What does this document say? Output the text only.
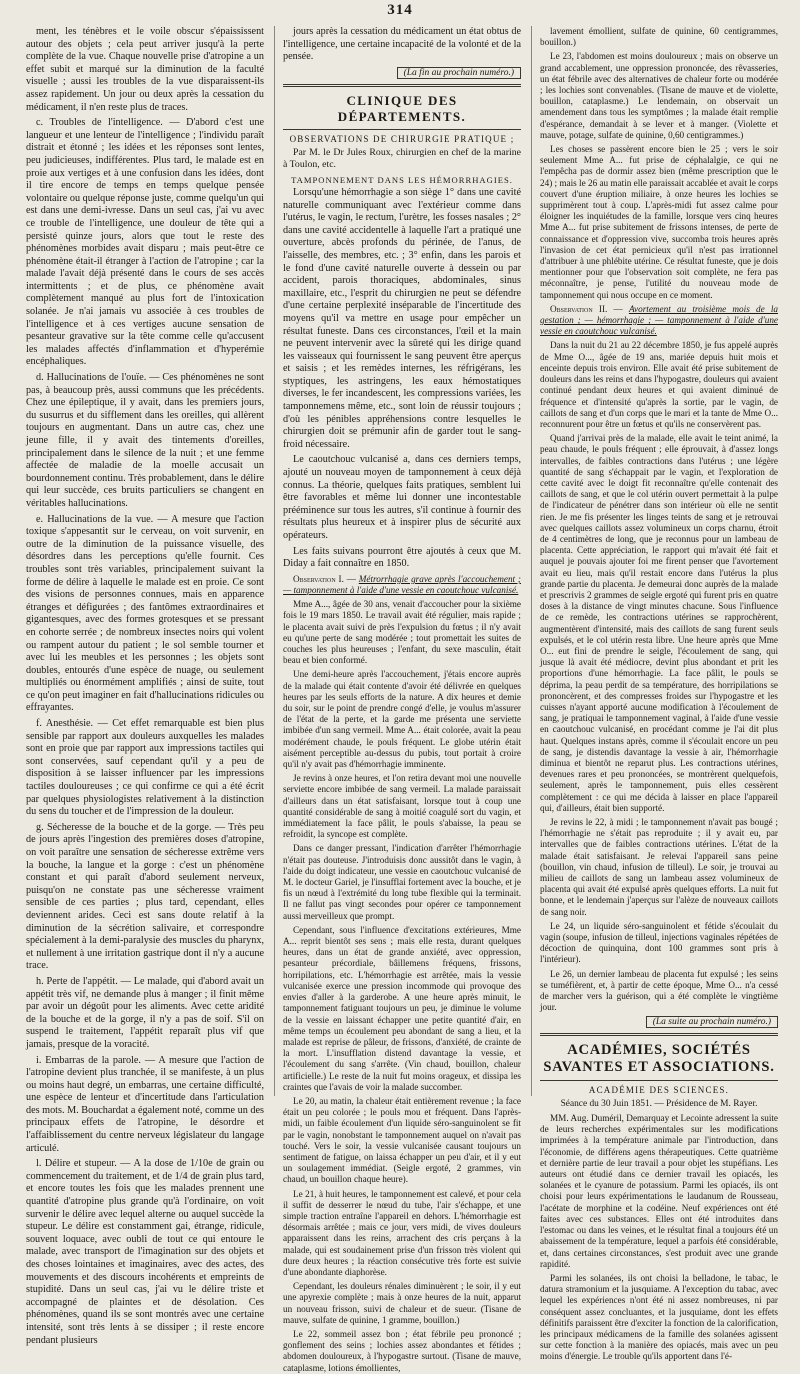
314

ment, les ténèbres et le voile obscur s'épaississent autour des objets ; cela peut arriver jusqu'à la perte complète de la vue. Chaque nouvelle prise d'atropine a un effet subit et marqué sur la diminution de la faculté visuelle ; aussi les troubles de la vue disparaissent-ils assez rapidement. Un jour ou deux après la cessation du médicament, il n'en reste plus de traces.

c. Troubles de l'intelligence. — D'abord c'est une langueur et une lenteur de l'intelligence ; l'individu paraît distrait et étonné ; les idées et les réponses sont lentes, peu judicieuses, indifférentes. Plus tard, le malade est en proie aux vertiges et à une confusion dans les idées, dont il tire encore de temps en temps quelque pensée volontaire ou quelque réponse juste, comme quelqu'un qui est dans une demi-ivresse. Dans un seul cas, j'ai vu avec ce trouble de l'intelligence, une douleur de tête qui a persisté quinze jours, alors que tout le reste des phénomènes morbides avait disparu ; mais peut-être ce phénomène était-il étranger à l'action de l'atropine ; car la malade l'avait déjà présenté dans le cours de ses accès intermittents ; et de plus, ce phénomène avait complètement manqué au plus fort de l'intoxication solanée. Je n'ai jamais vu associée à ces troubles de l'intelligence et à ces vertiges aucune sensation de pesanteur gravative sur la tête comme celle qu'accusent les malades affectés d'inflammation et d'hyperémie encéphaliques.

d. Hallucinations de l'ouïe. — Ces phénomènes ne sont pas, à beaucoup près, aussi communs que les précédents. Chez une épileptique, il y avait, dans les premiers jours, du susurrus et du sifflement dans les oreilles, qui allèrent toujours en augmentant. Dans un autre cas, chez une jeune fille, il y avait des tintements d'oreilles, principalement dans le silence de la nuit ; et une femme affectée de maladie de la moelle accusait un bourdonnement continu. Très probablement, dans le délire qui leur succède, ces bruits particuliers se changent en véritables hallucinations.

e. Hallucinations de la vue. — A mesure que l'action toxique s'appesantit sur le cerveau, on voit survenir, en outre de la diminution de la puissance visuelle, des désordres dans les perceptions qu'elle fournit. Ces troubles sont très variables, principalement suivant la forme de délire à laquelle le malade est en proie. Ce sont des visions de personnes connues, mais en apparence étranges et défigurées ; des fantômes extraordinaires et gigantesques, avec des formes grotesques et se pressant en cohorte serrée ; de nombreux insectes noirs qui volent ou rampent autour du patient ; le sol semble tourner et avec lui les meubles et les personnes ; les objets sont doubles, entourés d'une espèce de nuage, ou seulement multipliés ou énormément amplifiés ; ainsi de suite, tout ce qu'on peut imaginer en fait d'hallucinations ridicules ou effrayantes.

f. Anesthésie. — Cet effet remarquable est bien plus sensible par rapport aux douleurs auxquelles les malades sont en proie que par rapport aux impressions tactiles qui sont conservées, sauf cependant qu'il y a peu de disposition à se laisser influencer par les impressions tactiles douloureuses ; ce qui confirme ce qui a été écrit par quelques physiologistes relativement à la distinction du sens du toucher et de l'impression de la douleur.

g. Sécheresse de la bouche et de la gorge. — Très peu de jours après l'ingestion des premières doses d'atropine, on voit paraître une sensation de sécheresse extrême vers la bouche, la langue et la gorge : c'est un phénomène constant et qui paraît d'abord seulement nerveux, puisqu'on ne constate pas une sécheresse vraiment sensible de ces parties ; plus tard, cependant, elles deviennent arides. Ceci est sans doute relatif à la diminution de la sécrétion salivaire, et correspondre spécialement à la demi-paralysie des muscles du pharynx, et nullement à une irritation gastrique dont il n'y a aucune trace.

h. Perte de l'appétit. — Le malade, qui d'abord avait un appétit très vif, ne demande plus à manger ; il finit même par avoir un dégoût pour les aliments. Avec cette aridité de la bouche et de la gorge, il n'y a pas de soif. S'il on suspend le traitement, l'appétit reparaît plus vif que jamais, presque de la voracité.

i. Embarras de la parole. — A mesure que l'action de l'atropine devient plus tranchée, il se manifeste, à un plus ou moins haut degré, un embarras, une certaine difficulté, une espèce de lenteur et d'incertitude dans l'articulation des mots. M. Bouchardat a également noté, comme un des principaux effets de l'atropine, le désordre et l'affaiblissement du centre nerveux législateur du langage articulé.

l. Délire et stupeur. — A la dose de 1/10e de grain ou commencement du traitement, et de 1/4 de grain plus tard, et encore toutes les fois que les malades prennent une quantité d'atropine plus grande qu'à l'ordinaire, on voit survenir le délire avec lequel alterne ou auquel succède la stupeur. Le délire est constamment gai, étrange, ridicule, souvent loquace, avec oubli de tout ce qui entoure le malade, avec transport de l'imagination sur des objets et des choses lointaines et imaginaires, avec des actes, des mouvements et des discours incohérents et empreints de stupidité. Dans un seul cas, j'ai vu le délire triste et accompagné de plaintes et de désolation. Ces phénomènes, quand ils se sont montrés avec une certaine intensité, sont très lents à se dissiper ; il reste encore pendant plusieurs

jours après la cessation du médicament un état obtus de l'intelligence, une certaine incapacité de la volonté et de la pensée.

(La fin au prochain numéro.)
CLINIQUE DES DÉPARTEMENTS.
OBSERVATIONS DE CHIRURGIE PRATIQUE ;

Par M. le Dr Jules Roux, chirurgien en chef de la marine à Toulon, etc.

TAMPONNEMENT DANS LES HÉMORRHAGIES.

Lorsqu'une hémorrhagie a son siège 1° dans une cavité naturelle communiquant avec l'extérieur comme dans l'utérus, le vagin, le rectum, l'urètre, les fosses nasales ; 2° dans une cavité accidentelle à laquelle l'art a pratiqué une ouverture, abcès profonds du périnée, de l'anus, de l'aisselle, des membres, etc. ; 3° enfin, dans les parois et le fond d'une cavité naturelle ouverte à dessein ou par accident, parois thoraciques, abdominales, sinus maxillaire, etc., l'esprit du chirurgien ne peut se défendre d'une certaine perplexité inséparable de l'incertitude des moyens qu'il va mettre en usage pour empêcher un résultat funeste. Dans ces circonstances, l'œil et la main ne peuvent intervenir avec la sûreté qui les dirige quand les vaisseaux qui fournissent le sang peuvent être aperçus et saisis ; et les remèdes internes, les réfrigérans, les styptiques, les astringens, les eaux hémostatiques diverses, le fer incandescent, les compressions variées, les tamponnemens même, etc., sont loin de réussir toujours ; d'où les pénibles appréhensions contre lesquelles le chirurgien doit se prémunir afin de garder tout le sang-froid nécessaire.

Le caoutchouc vulcanisé a, dans ces derniers temps, ajouté un nouveau moyen de tamponnement à ceux déjà connus. La théorie, quelques faits pratiques, semblent lui être favorables et même lui donner une incontestable prééminence sur tous les autres, s'il continue à fournir des résultats plus heureux et à inspirer plus de sécurité aux opérateurs.

Les faits suivans pourront être ajoutés à ceux que M. Diday a fait connaître en 1850.

Observation I. — Métrorrhagie grave après l'accouchement ; — tamponnement à l'aide d'une vessie en caoutchouc vulcanisé.

Mme A..., âgée de 30 ans, venait d'accoucher pour la sixième fois le 19 mars 1850. Le travail avait été régulier, mais rapide ; le placenta avait suivi de près l'expulsion du fœtus ; il n'y avait eu qu'une perte de sang modérée ; tout promettait les suites de couches les plus heureuses ; l'enfant, du sexe masculin, était beau et bien conformé.

Une demi-heure après l'accouchement, j'étais encore auprès de la malade qui était contente d'avoir été délivrée en quelques heures par les seuls efforts de la nature. A dix heures et demie du soir, sur le point de prendre congé d'elle, je voulus m'assurer de l'état de la perte, et la garde me présenta une serviette imbibée d'un sang vermeil. Mme A... était colorée, avait la peau modérément chaude, le pouls fréquent. Le globe utérin était aisément perceptible au-dessus du pubis, tout portait à croire qu'il n'y avait pas d'hémorrhagie imminente.

Je revins à onze heures, et l'on retira devant moi une nouvelle serviette encore imbibée de sang vermeil. La malade paraissait d'ailleurs dans un état satisfaisant, lorsque tout à coup une quantité considérable de sang à moitié coagulé sort du vagin, et immédiatement la face pâlit, le pouls s'abaisse, la peau se refroidit, la syncope est complète.

Dans ce danger pressant, l'indication d'arrêter l'hémorrhagie n'était pas douteuse. J'introduisis donc aussitôt dans le vagin, à l'aide du doigt indicateur, une vessie en caoutchouc vulcanisé de M. le docteur Gariel, je l'insufflai fortement avec la bouche, et je fis un nœud à l'extrémité du long tube flexible qui la terminait. Il ne fallut pas vingt secondes pour opérer ce tamponnement aussi merveilleux que prompt.

Cependant, sous l'influence d'excitations extérieures, Mme A... reprit bientôt ses sens ; mais elle resta, durant quelques heures, dans un état de grande anxiété, avec oppression, pesanteur précordiale, bâillemens fréquens, frissons, horripilations, etc. L'hémorrhagie est arrêtée, mais la vessie vulcanisée exerce une pression incommode qui provoque des envies d'aller à la garderobe. A une heure après minuit, le tamponnement fatiguant toujours un peu, je diminue le volume de la vessie en laissant échapper une petite quantité d'air, en même temps un écoulement peu abondant de sang a lieu, et la malade est reprise de pâleur, de frissons, d'anxiété, de crainte de la mort. L'insufflation distend davantage la vessie, et l'écoulement du sang s'arrête. (Vin chaud, bouillon, chaleur artificielle.) Le reste de la nuit fut moins orageux, et dissipa les craintes que l'avais de voir la malade succomber.

Le 20, au matin, la chaleur était entièrement revenue ; la face était un peu colorée ; le pouls mou et fréquent. Dans l'après-midi, un faible écoulement d'un liquide séro-sanguinolent se fit par le vagin, nonobstant le tamponnement auquel on n'avait pas touché. Vers le soir, la vessie vulcanisée causant toujours un sentiment de fatigue, on laissa échapper un peu d'air, et il y eut un soulagement immédiat. (Seigle ergoté, 2 grammes, vin chaud, un bouillon chaque heure).

Le 21, à huit heures, le tamponnement est calevé, et pour cela il suffit de desserrer le nœud du tube, l'air s'échappe, et une simple traction entraîne l'appareil en dehors. L'hémorrhagie est désormais arrêtée ; mais ce jour, vers midi, de vives douleurs apparaissent dans les reins, arrachent des cris perçans à la malade, qui est soudainement prise d'un frisson très violent qui dure deux heures ; la réaction consécutive très forte est suivie d'une abondante diaphorèse.

Cependant, les douleurs rénales diminuèrent ; le soir, il y eut une apyrexie complète ; mais à onze heures de la nuit, apparut un nouveau frisson, suivi de chaleur et de sueur. (Tisane de mauve, sulfate de quinine, 1 gramme, bouillon.)

Le 22, sommeil assez bon ; état fébrile peu prononcé ; gonflement des seins ; lochies assez abondantes et fétides ; abdomen douloureux, à l'hypogastre surtout. (Tisane de mauve, cataplasme, lotions émollientes,

lavement émollient, sulfate de quinine, 60 centigrammes, bouillon.)

Le 23, l'abdomen est moins douloureux ; mais on observe un grand accablement, une oppression prononcée, des rêvasseries, un état fébrile avec des alternatives de chaleur forte ou modérée ; les lochies sont convenables. (Tisane de mauve et de violette, bouillon, cataplasme.) Le lendemain, on observait un amendement dans tous les symptômes ; la malade était remplie d'espérance, demandait à se lever et à manger. (Violette et mauve, potage, sulfate de quinine, 0,60 centigrammes.)

Les choses se passèrent encore bien le 25 ; vers le soir seulement Mme A... fut prise de céphalalgie, ce qui ne l'empêcha pas de dormir assez bien (même prescription que le 24) ; mais le 26 au matin elle paraissait accablée et avait le corps couvert d'une éruption miliaire, à onze heures les lochies se supprimèrent tout à coup. L'après-midi fut assez calme pour éloigner les inquiétudes de la famille, lorsque vers cinq heures Mme A... fut prise subitement de frissons intenses, de perte de connaissance et d'oppression vive, succomba trois heures après l'invasion de cet état pernicieux qu'il n'est pas irrationnel d'attribuer à une phlébite utérine. Ce résultat funeste, que je dois mentionner pour que l'observation soit complète, ne fera pas méconnaître, je pense, l'utilité du nouveau mode de tamponnement qui nous occupe en ce moment.

Observation II. — Avortement au troisième mois de la gestation ; — hémorrhagie ; — tamponnement à l'aide d'une vessie en caoutchouc vulcanisé.

Dans la nuit du 21 au 22 décembre 1850, je fus appelé auprès de Mme O..., âgée de 19 ans, mariée depuis huit mois et enceinte depuis trois environ. Elle avait été prise subitement de douleurs dans les reins et dans l'hypogastre, douleurs qui avaient continué pendant deux heures et qui avaient diminué de fréquence et d'intensité qu'après la sortie, par le vagin, de caillots de sang et d'un corps que le mari et la tante de Mme O... reconnurent pour être un fœtus et qu'ils ne conservèrent pas.

Quand j'arrivai près de la malade, elle avait le teint animé, la peau chaude, le pouls fréquent ; elle éprouvait, à d'assez longs intervalles, de faibles contractions dans l'utérus ; une légère quantité de sang s'échappait par le vagin, et l'exploration de cette cavité avec le doigt fit reconnaître qu'elle contenait des caillots de sang, et que le col utérin ouvert permettait à la pulpe de l'indicateur de pénétrer dans son intérieur où elle ne sentit rien. Je me fis présenter les linges teints de sang et je retrouvai avec quelques caillots assez volumineux un corps charnu, étroit de 4 centimètres de long, que je reconnus pour un lambeau de placenta. Cette appréciation, le rapport qui m'avait été fait et auquel je pouvais ajouter foi me firent penser que l'avortement avait eu lieu, mais qu'il restait encore dans l'utérus la plus grande partie du placenta. Je demeurai donc auprès de la malade et prescrivis 2 grammes de seigle ergoté qui furent pris en quatre doses à la distance de vingt minutes chacune. Sous l'influence de ce remède, les contractions utérines se rapprochèrent, augmentèrent d'intensité, mais des caillots de sang furent seuls expulsés, et le col utérin resta libre. Une heure après que Mme O... eut fini de prendre le seigle, l'écoulement de sang, qui jusque là avait été médiocre, devint plus abondant et prit les proportions d'une hémorrhagie. La face pâlit, le pouls se déprima, la peau perdit de sa température, des horripilations se prononcèrent, et des compresses froides sur l'hypogastre et les cuisses n'ayant apporté aucune modification à l'écoulement de sang, je pratiquai le tamponnement vaginal, à l'aide d'une vessie en caoutchouc vulcanisé, en procédant comme je l'ai dit plus haut. Quelques instans après, comme il s'écoulait encore un peu de sang, je distendis davantage la vessie à air, l'hémorrhagie diminua et bientôt ne reparut plus. Les contractions utérines, devenues rares et peu prononcées, se montrèrent quelquefois, seulement, après le tamponnement, puis elles cessèrent complètement : ce qui me décida à laisser en place l'appareil qui, d'ailleurs, était bien supporté.

Je revins le 22, à midi ; le tamponnement n'avait pas bougé ; l'hémorrhagie ne s'était pas reproduite ; il y avait eu, par intervalles que de faibles contractions utérines. L'état de la malade était satisfaisant. Je relevai l'appareil sans peine (bouillon, vin chaud, infusion de tilleul). Le soir, je trouvai au milieu de caillots de sang un lambeau assez volumineux de placenta qui avait été expulsé après quelques efforts. La nuit fut bonne, et le lendemain j'aperçus sur l'alèze de nouveaux caillots de sang noir.

Le 24, un liquide séro-sanguinolent et fétide s'écoulait du vagin (soupe, infusion de tilleul, injections vaginales répétées de décoction de quinquina, dont 100 grammes sont pris à l'intérieur).

Le 26, un dernier lambeau de placenta fut expulsé ; les seins se tuméfièrent, et, à partir de cette époque, Mme O... n'a cessé de marcher vers la guérison, qui a été complète le vingtième jour.

(La suite au prochain numéro.)
ACADÉMIES, SOCIÉTÉS SAVANTES ET ASSOCIATIONS.
ACADÉMIE DES SCIENCES.

Séance du 30 Juin 1851. — Présidence de M. Rayer.

MM. Aug. Duméril, Demarquay et Lecointe adressent la suite de leurs recherches expérimentales sur les modifications imprimées à la température animale par l'introduction, dans l'économie, de différens agens thérapeutiques. Cette quatrième et dernière partie de leur travail a pour objet les stupéfians. Les auteurs ont étudié dans ce dernier travail les opiacés, les solanées et le cyanure de potassium. Parmi les opiacés, ils ont choisi pour leurs expérimentations le laudanum de Rousseau, l'acétate de morphine et la codéine. Neuf expériences ont été faites avec ces substances. Elles ont été introduites dans l'estomac ou dans les veines, et le résultat final a toujours été un abaissement de la température, lequel a parfois été considérable, et, dans certaines circonstances, s'est produit avec une grande rapidité.

Parmi les solanées, ils ont choisi la belladone, le tabac, le datura stramonium et la jusquiame. A l'exception du tabac, avec lequel les expériences n'ont été ni assez nombreuses, ni par conséquent assez concluantes, et la jusquiame, dont les effets définitifs paraissent être d'exciter la fonction de la calorification, les principaux médicamens de la famille des solanées agissent sur cette fonction à la manière des opiacés, mais avec un peu moins d'énergie. Le trouble qu'ils apportent dans l'é-
